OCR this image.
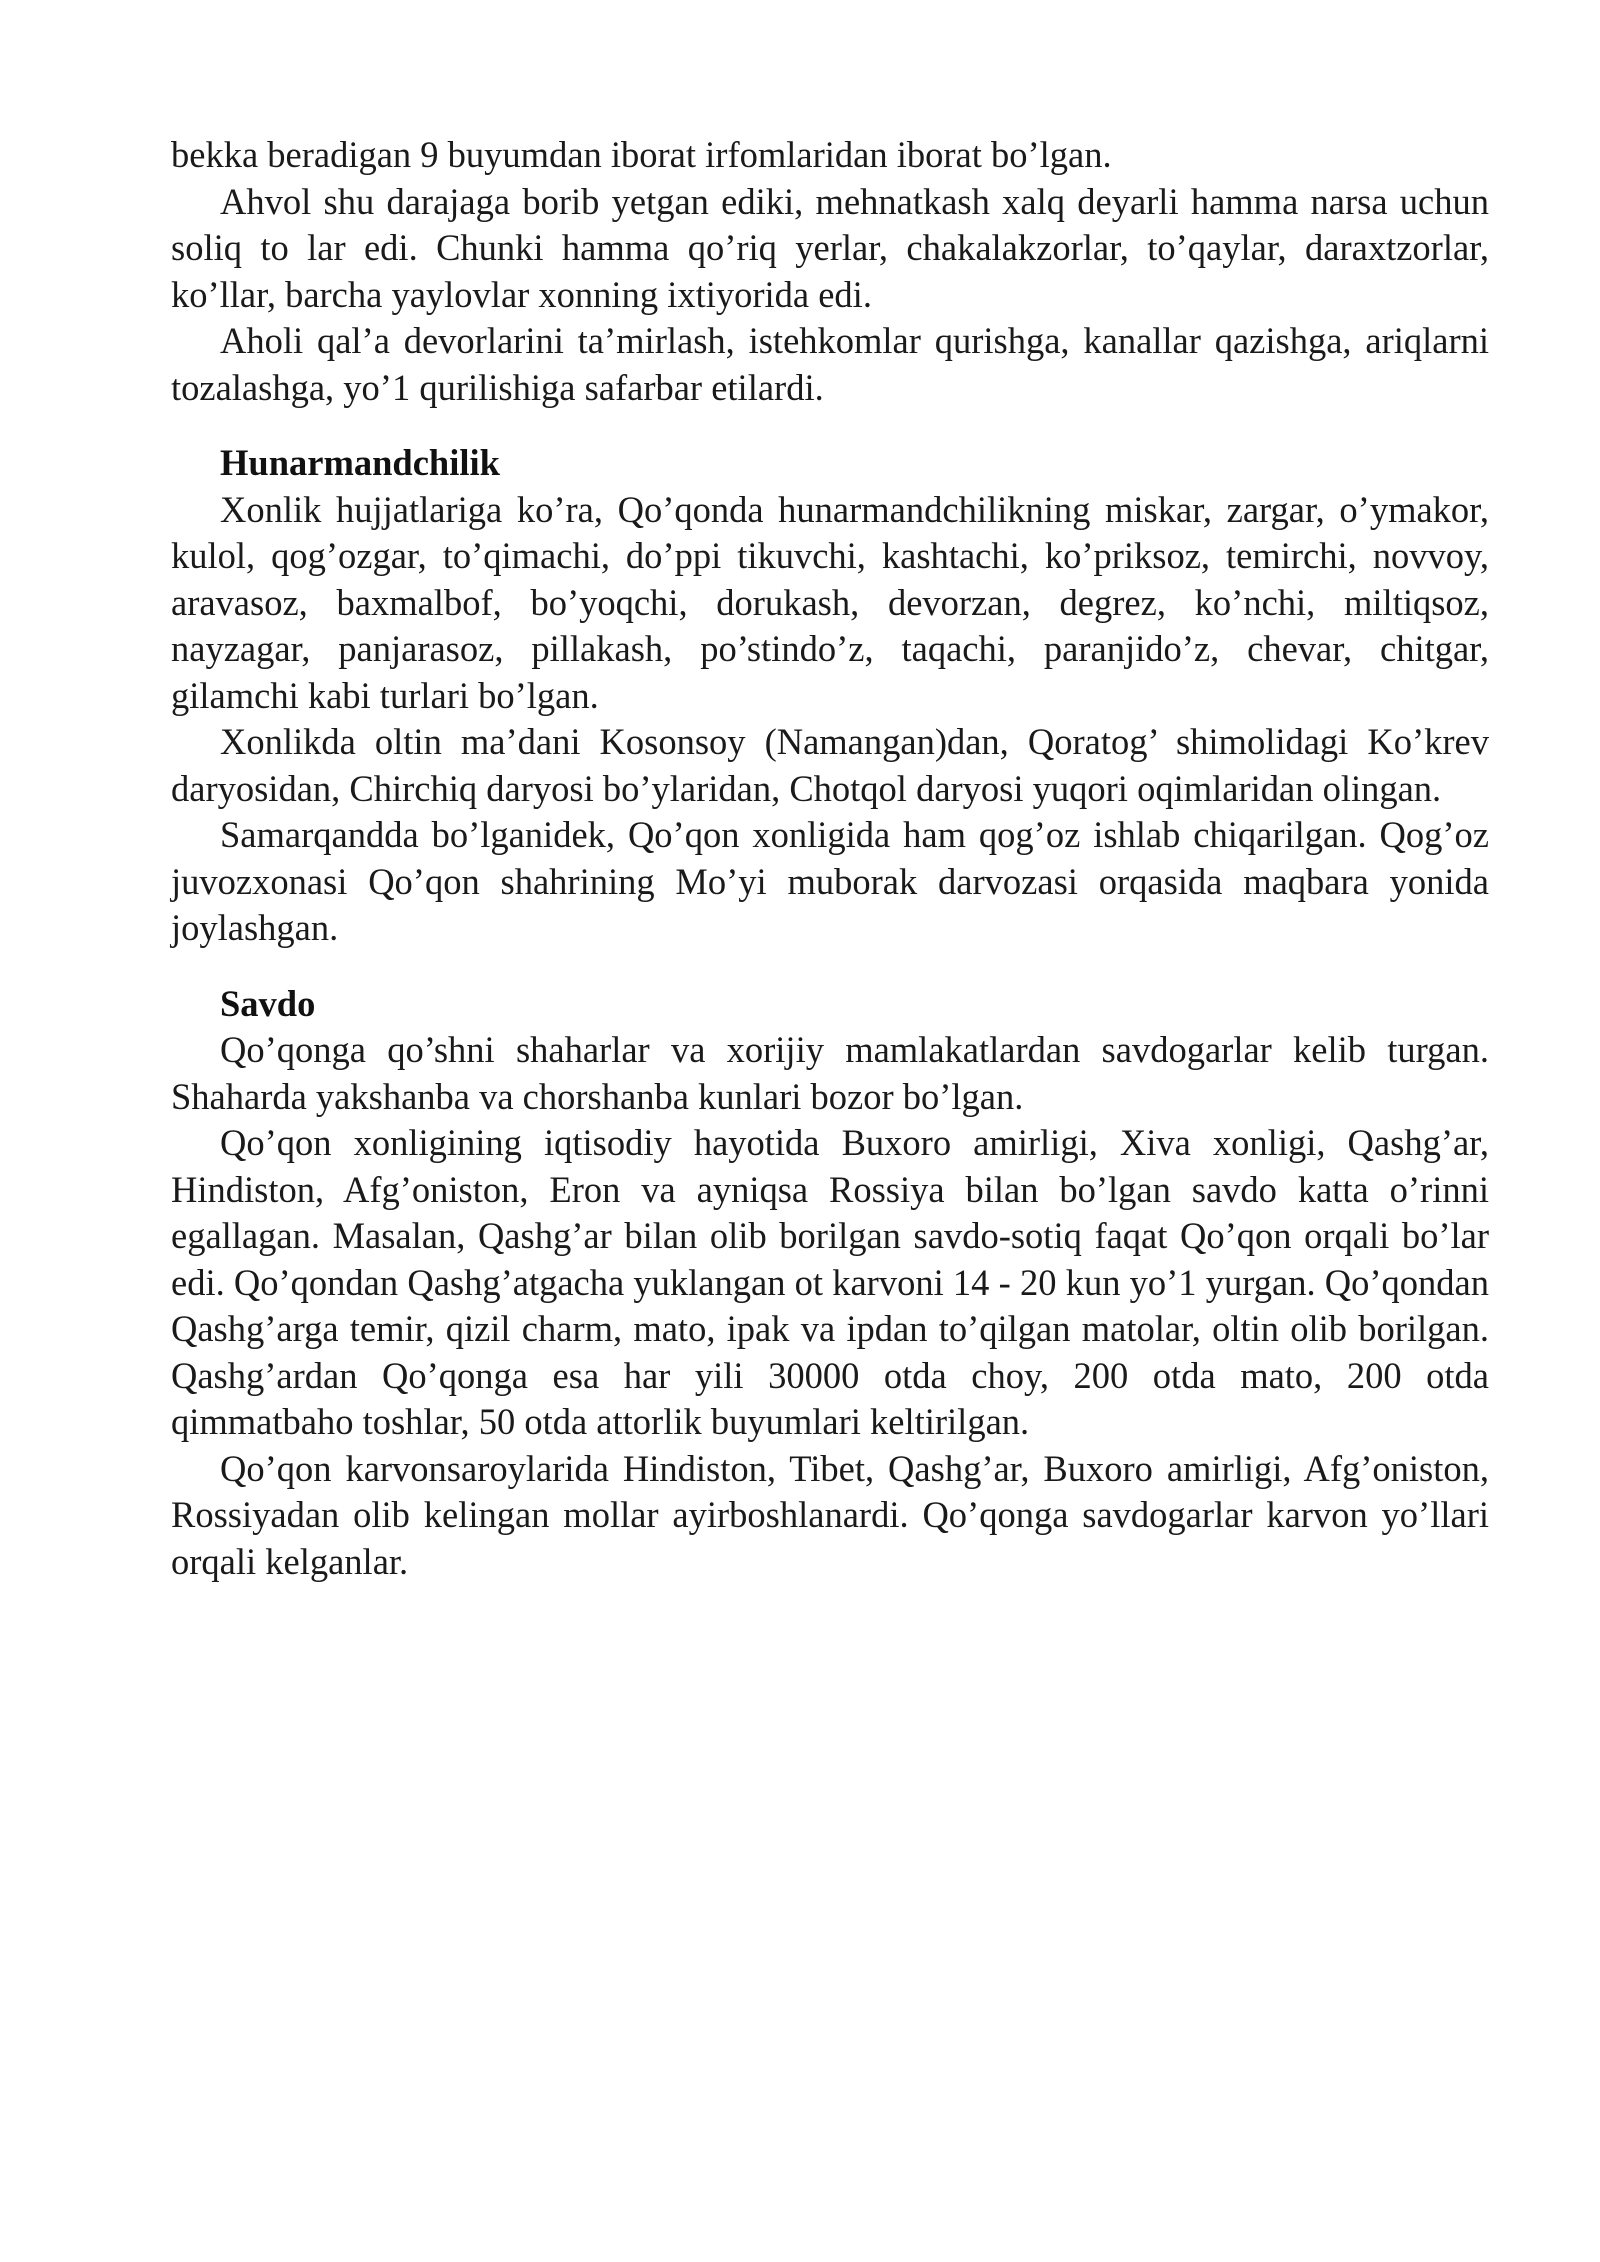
bekka beradigan 9 buyumdan iborat irfomlaridan iborat bo’lgan.

Ahvol shu darajaga borib yetgan ediki, mehnatkash xalq deyarli hamma narsa uchun soliq to lar edi. Chunki hamma qo’riq yerlar, chakalakzorlar, to’qaylar, daraxtzorlar, ko’llar, barcha yaylovlar xonning ixtiyorida edi.

Aholi qal’a devorlarini ta’mirlash, istehkomlar qurishga, kanallar qazishga, ariqlarni tozalashga, yo’1 qurilishiga safarbar etilardi.

Hunarmandchilik

Xonlik hujjatlariga ko’ra, Qo’qonda hunarmandchilikning miskar, zargar, o’ymakor, kulol, qog’ozgar, to’qimachi, do’ppi tikuvchi, kashtachi, ko’priksoz, temirchi, novvoy, aravasoz, baxmalbof, bo’yoqchi, dorukash, devorzan, degrez, ko’nchi, miltiqsoz, nayzagar, panjarasoz, pillakash, po’stindo’z, taqachi, paranjido’z, chevar, chitgar, gilamchi kabi turlari bo’lgan.

Xonlikda oltin ma’dani Kosonsoy (Namangan)dan, Qoratog’ shimolidagi Ko’krev daryosidan, Chirchiq daryosi bo’ylaridan, Chotqol daryosi yuqori oqimlaridan olingan.

Samarqandda bo’lganidek, Qo’qon xonligida ham qog’oz ishlab chiqarilgan. Qog’oz juvozxonasi Qo’qon shahrining Mo’yi muborak darvozasi orqasida maqbara yonida joylashgan.

Savdo

Qo’qonga qo’shni shaharlar va xorijiy mamlakatlardan savdogarlar kelib turgan. Shaharda yakshanba va chorshanba kunlari bozor bo’lgan.

Qo’qon xonligining iqtisodiy hayotida Buxoro amirligi, Xiva xonligi, Qashg’ar, Hindiston, Afg’oniston, Eron va ayniqsa Rossiya bilan bo’lgan savdo katta o’rinni egallagan. Masalan, Qashg’ar bilan olib borilgan savdo-sotiq faqat Qo’qon orqali bo’lar edi. Qo’qondan Qashg’atgacha yuklangan ot karvoni 14 - 20 kun yo’1 yurgan. Qo’qondan Qashg’arga temir, qizil charm, mato, ipak va ipdan to’qilgan matolar, oltin olib borilgan. Qashg’ardan Qo’qonga esa har yili 30000 otda choy, 200 otda mato, 200 otda qimmatbaho toshlar, 50 otda attorlik buyumlari keltirilgan.

Qo’qon karvonsaroylarida Hindiston, Tibet, Qashg’ar, Buxoro amirligi, Afg’oniston, Rossiyadan olib kelingan mollar ayirboshlanardi. Qo’qonga savdogarlar karvon yo’llari orqali kelganlar.
